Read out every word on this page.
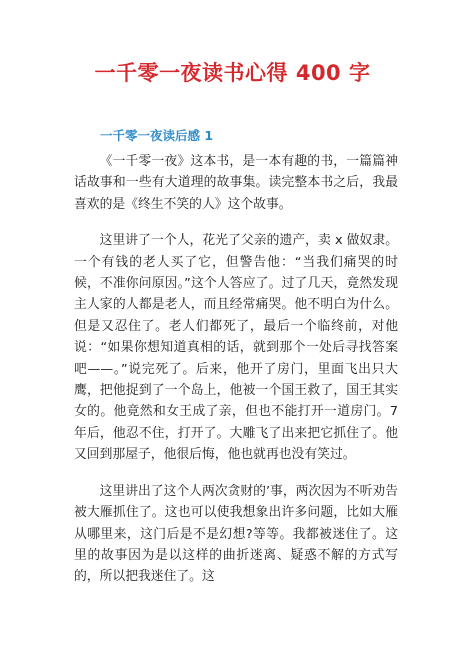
一千零一夜读书心得 400 字
一千零一夜读后感 1

《一千零一夜》这本书，是一本有趣的书，一篇篇神话故事和一些有大道理的故事集。读完整本书之后，我最喜欢的是《终生不笑的人》这个故事。

这里讲了一个人，花光了父亲的遗产，卖 x 做奴隶。一个有钱的老人买了它，但警告他：“当我们痛哭的时候，不准你问原因。”这个人答应了。过了几天，竟然发现主人家的人都是老人，而且经常痛哭。他不明白为什么。但是又忍住了。老人们都死了，最后一个临终前，对他说：“如果你想知道真相的话，就到那个一处后寻找答案吧——。”说完死了。后来，他开了房门，里面飞出只大鹰，把他捉到了一个岛上，他被一个国王救了，国王其实女的。他竟然和女王成了亲，但也不能打开一道房门。7 年后，他忍不住，打开了。大雕飞了出来把它抓住了。他又回到那屋子，他很后悔，他也就再也没有笑过。

这里讲出了这个人两次贪财的’事，两次因为不听劝告被大雁抓住了。这也可以使我想象出许多问题，比如大雁从哪里来，这门后是不是幻想?等等。我都被迷住了。这里的故事因为是以这样的曲折迷离、疑惑不解的方式写的，所以把我迷住了。这
